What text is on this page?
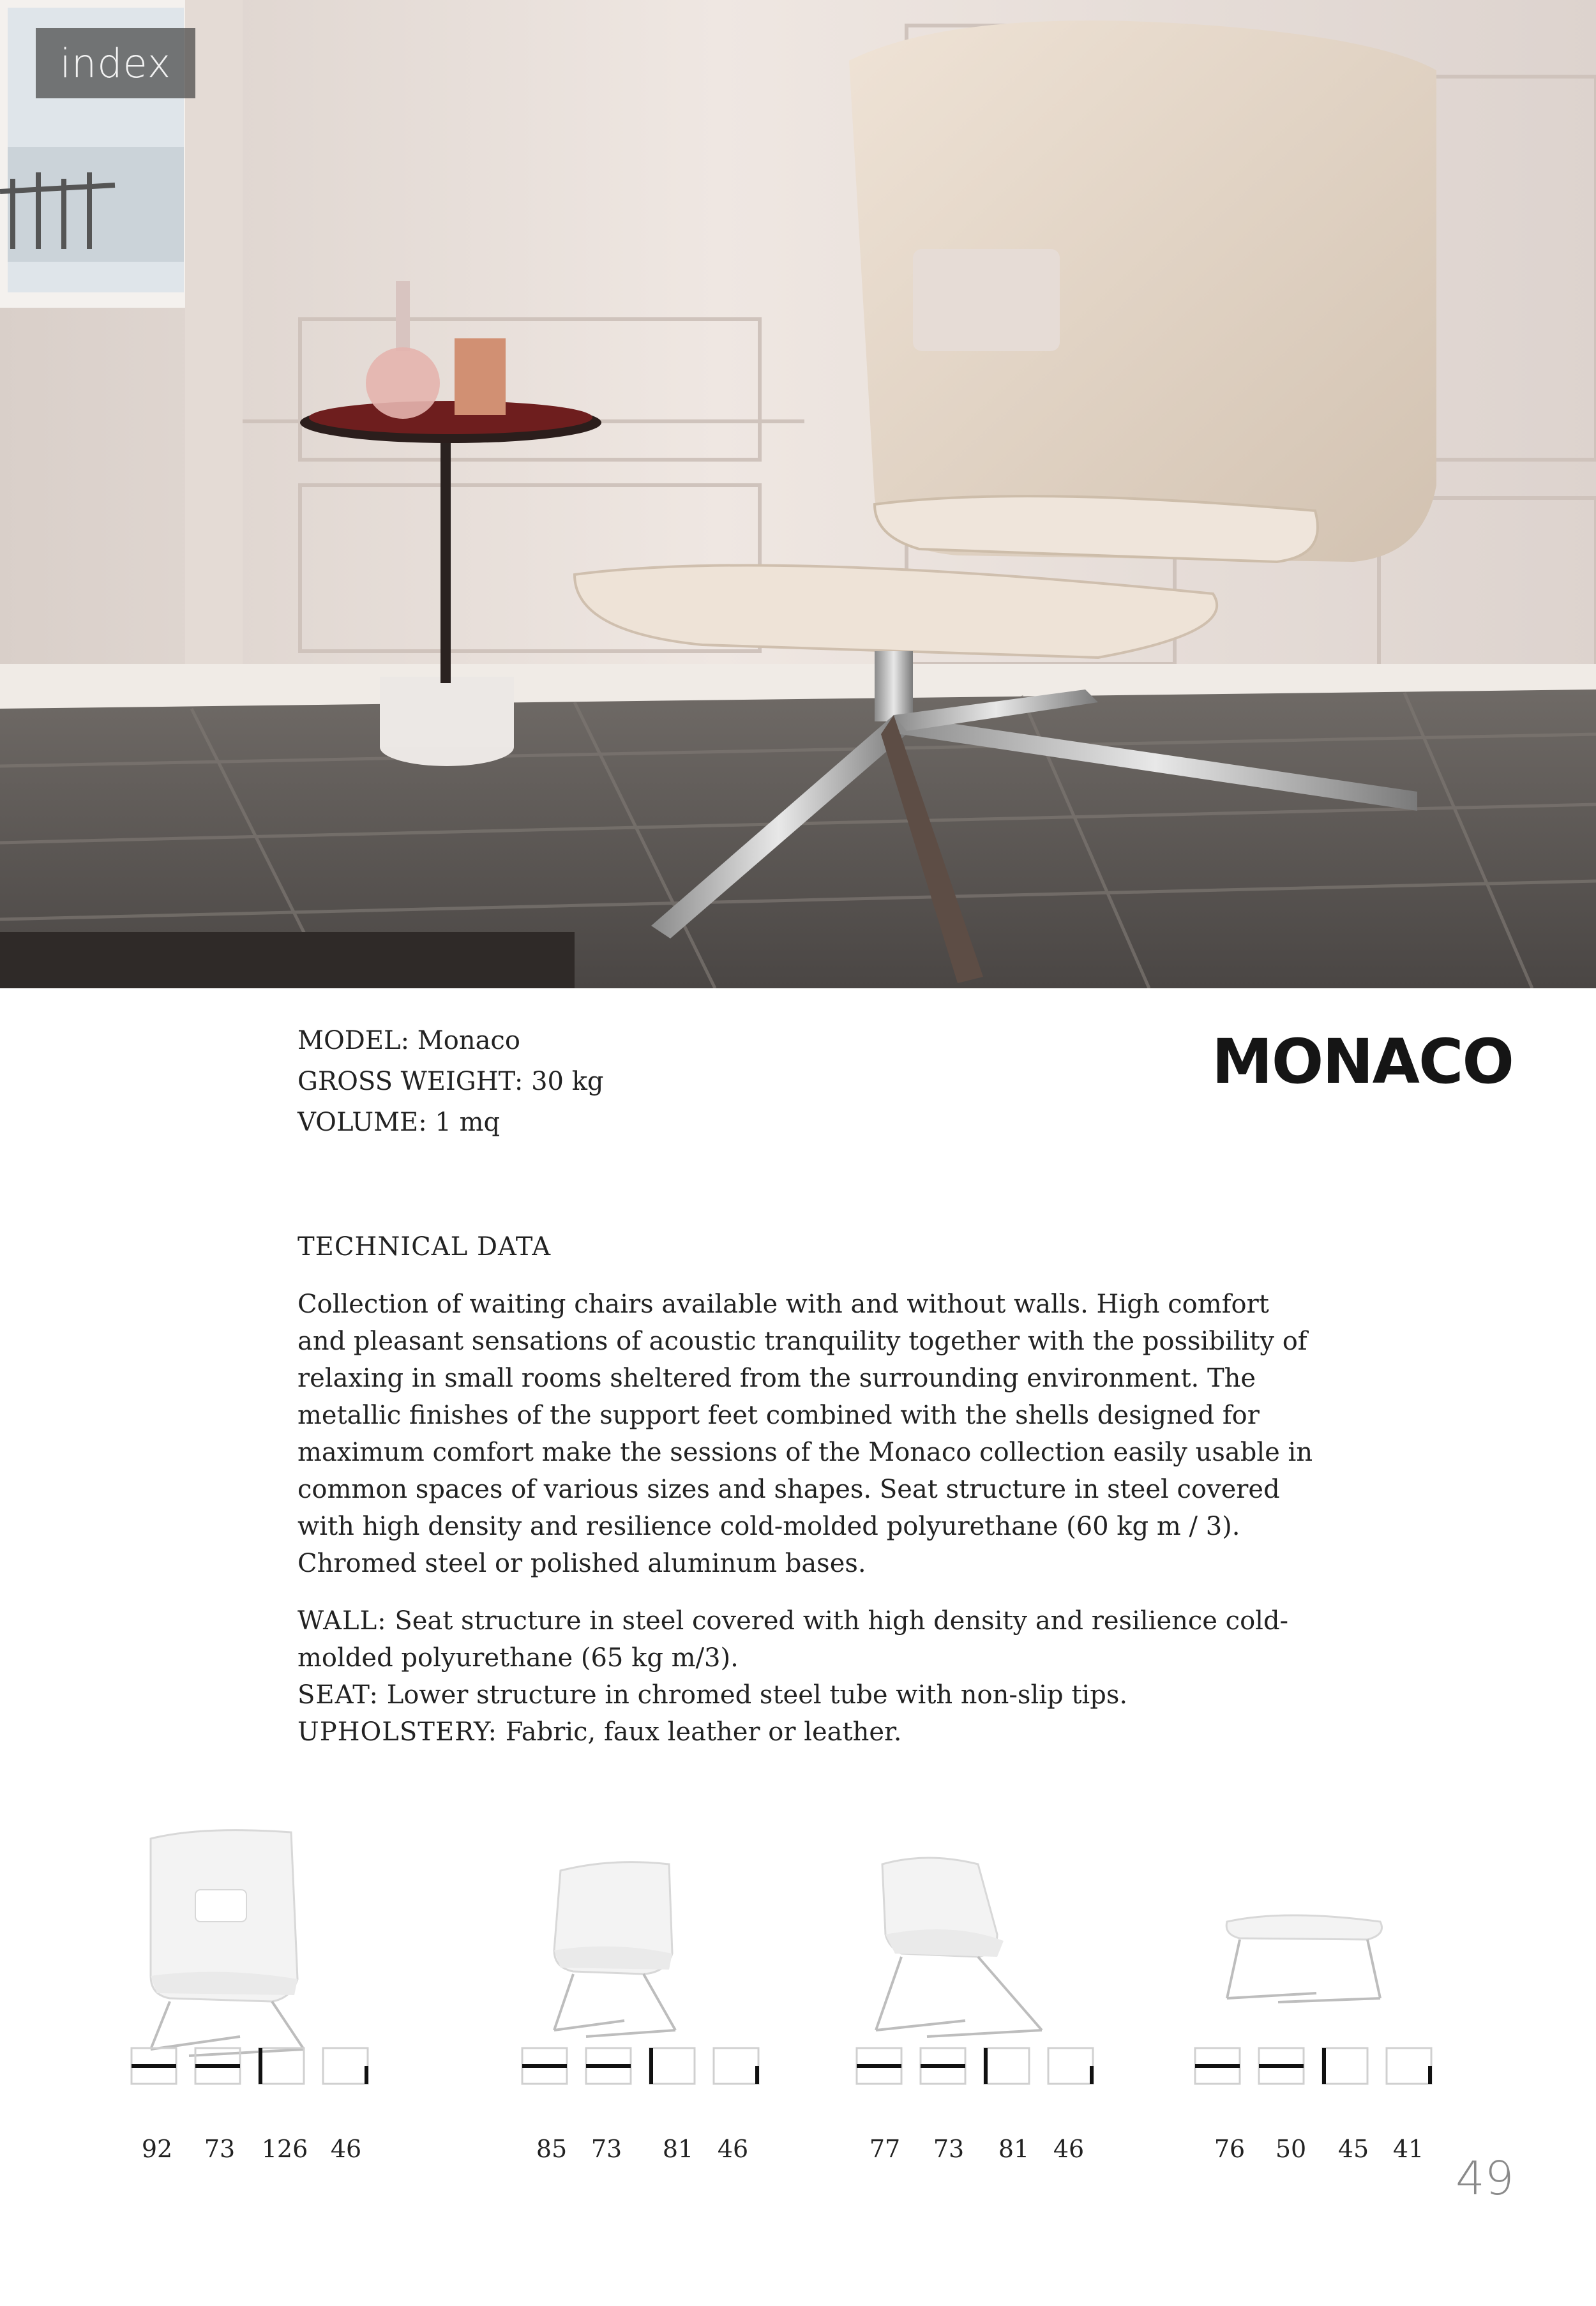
index
MODEL: Monaco
GROSS WEIGHT: 30 kg
VOLUME: 1 mq
MONACO
TECHNICAL DATA

Collection of waiting chairs available with and without walls. High comfort and pleasant sensations of acoustic tranquility together with the possibility of relaxing in small rooms sheltered from the surrounding environment. The metallic finishes of the support feet combined with the shells designed for maximum comfort make the sessions of the Monaco collection easily usable in common spaces of various sizes and shapes. Seat structure in steel covered with high density and resilience cold-molded polyurethane (60 kg m / 3). Chromed steel or polished aluminum bases.

WALL: Seat structure in steel covered with high density and resilience cold-molded polyurethane (65 kg m/3).

SEAT: Lower structure in chromed steel tube with non-slip tips.

UPHOLSTERY: Fabric, faux leather or leather.

92 73 126 46	85 73 81 46	77 73 81 46	76 50 45 41
49
